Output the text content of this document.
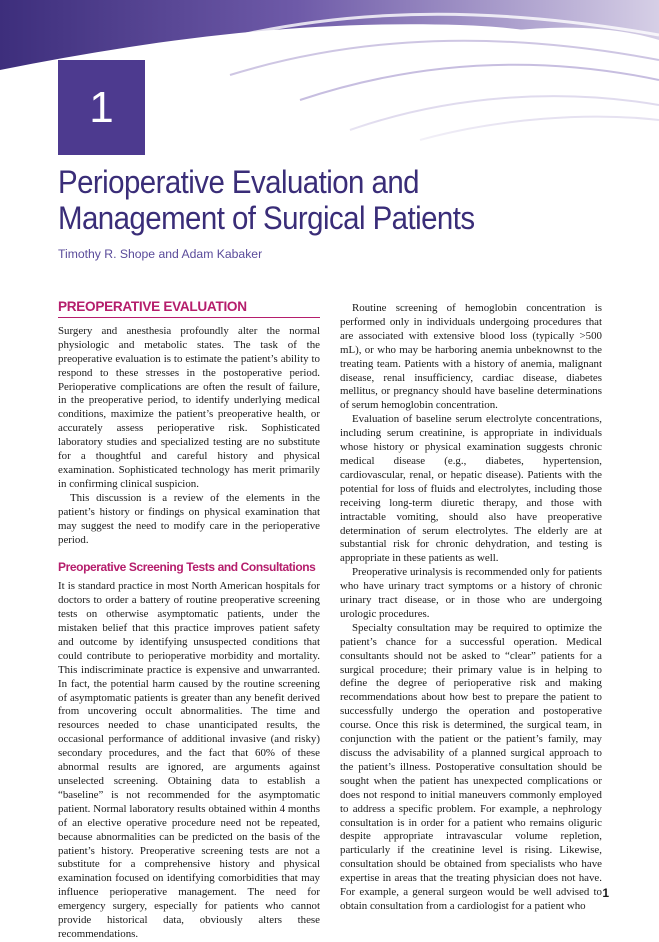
1
Perioperative Evaluation and
Management of Surgical Patients
Timothy R. Shope and Adam Kabaker
PREOPERATIVE EVALUATION

Surgery and anesthesia profoundly alter the normal physiologic and metabolic states. The task of the preoperative evaluation is to estimate the patient’s ability to respond to these stresses in the postoperative period. Perioperative complications are often the result of failure, in the preoperative period, to identify underlying medical conditions, maximize the patient’s preoperative health, or accurately assess perioperative risk. Sophisticated laboratory studies and specialized testing are no substitute for a thoughtful and careful history and physical examination. Sophisticated technology has merit primarily in confirming clinical suspicion.

This discussion is a review of the elements in the patient’s history or findings on physical examination that may suggest the need to modify care in the perioperative period.

Preoperative Screening Tests and Consultations

It is standard practice in most North American hospitals for doctors to order a battery of routine preoperative screening tests on otherwise asymptomatic patients, under the mistaken belief that this practice improves patient safety and outcome by identifying unsuspected conditions that could contribute to perioperative morbidity and mortality. This indiscriminate practice is expensive and unwarranted. In fact, the potential harm caused by the routine screening of asymptomatic patients is greater than any benefit derived from uncovering occult abnormalities. The time and resources needed to chase unanticipated results, the occasional performance of additional invasive (and risky) secondary procedures, and the fact that 60% of these abnormal results are ignored, are arguments against unselected screening. Obtaining data to establish a “baseline” is not recommended for the asymptomatic patient. Normal laboratory results obtained within 4 months of an elective operative procedure need not be repeated, because abnormalities can be predicted on the basis of the patient’s history. Preoperative screening tests are not a substitute for a comprehensive history and physical examination focused on identifying comorbidities that may influence perioperative management. The need for emergency surgery, especially for patients who cannot provide historical data, obviously alters these recommendations.

Routine screening of hemoglobin concentration is performed only in individuals undergoing procedures that are associated with extensive blood loss (typically >500 mL), or who may be harboring anemia unbeknownst to the treating team. Patients with a history of anemia, malignant disease, renal insufficiency, cardiac disease, diabetes mellitus, or pregnancy should have baseline determinations of serum hemoglobin concentration.

Evaluation of baseline serum electrolyte concentrations, including serum creatinine, is appropriate in individuals whose history or physical examination suggests chronic medical disease (e.g., diabetes, hypertension, cardiovascular, renal, or hepatic disease). Patients with the potential for loss of fluids and electrolytes, including those receiving long-term diuretic therapy, and those with intractable vomiting, should also have preoperative determination of serum electrolytes. The elderly are at substantial risk for chronic dehydration, and testing is appropriate in these patients as well.

Preoperative urinalysis is recommended only for patients who have urinary tract symptoms or a history of chronic urinary tract disease, or in those who are undergoing urologic procedures.

Specialty consultation may be required to optimize the patient’s chance for a successful operation. Medical consultants should not be asked to “clear” patients for a surgical procedure; their primary value is in helping to define the degree of perioperative risk and making recommendations about how best to prepare the patient to successfully undergo the operation and postoperative course. Once this risk is determined, the surgical team, in conjunction with the patient or the patient’s family, may discuss the advisability of a planned surgical approach to the patient’s illness. Postoperative consultation should be sought when the patient has unexpected complications or does not respond to initial maneuvers commonly employed to address a specific problem. For example, a nephrology consultation is in order for a patient who remains oliguric despite appropriate intravascular volume repletion, particularly if the creatinine level is rising. Likewise, consultation should be obtained from specialists who have expertise in areas that the treating physician does not have. For example, a general surgeon would be well advised to obtain consultation from a cardiologist for a patient who

1
